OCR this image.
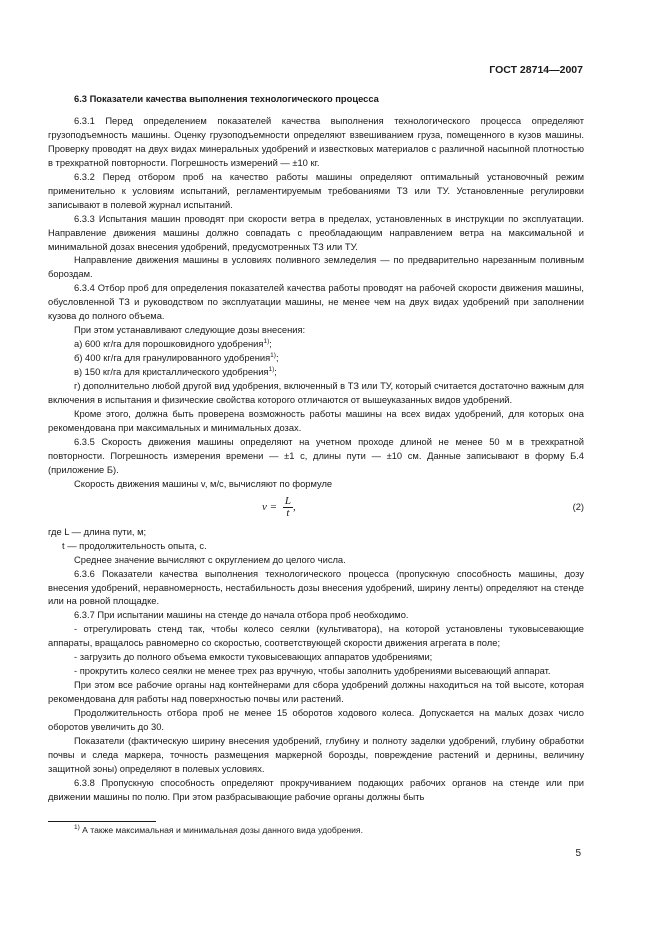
ГОСТ 28714—2007

6.3 Показатели качества выполнения технологического процесса

6.3.1 Перед определением показателей качества выполнения технологического процесса определяют грузоподъемность машины. Оценку грузоподъемности определяют взвешиванием груза, помещенного в кузов машины. Проверку проводят на двух видах минеральных удобрений и известковых материалов с различной насыпной плотностью в трехкратной повторности. Погрешность измерений — ±10 кг.

6.3.2 Перед отбором проб на качество работы машины определяют оптимальный установочный режим применительно к условиям испытаний, регламентируемым требованиями ТЗ или ТУ. Установленные регулировки записывают в полевой журнал испытаний.

6.3.3 Испытания машин проводят при скорости ветра в пределах, установленных в инструкции по эксплуатации. Направление движения машины должно совпадать с преобладающим направлением ветра на максимальной и минимальной дозах внесения удобрений, предусмотренных ТЗ или ТУ.

Направление движения машины в условиях поливного земледелия — по предварительно нарезанным поливным бороздам.

6.3.4 Отбор проб для определения показателей качества работы проводят на рабочей скорости движения машины, обусловленной ТЗ и руководством по эксплуатации машины, не менее чем на двух видах удобрений при заполнении кузова до полного объема.

При этом устанавливают следующие дозы внесения:

а) 600 кг/га для порошковидного удобрения$^{1)}$;

б) 400 кг/га для гранулированного удобрения$^{1)}$;

в) 150 кг/га для кристаллического удобрения$^{1)}$;

г) дополнительно любой другой вид удобрения, включенный в ТЗ или ТУ, который считается достаточно важным для включения в испытания и физические свойства которого отличаются от вышеуказанных видов удобрений.

Кроме этого, должна быть проверена возможность работы машины на всех видах удобрений, для которых она рекомендована при максимальных и минимальных дозах.

6.3.5 Скорость движения машины определяют на учетном проходе длиной не менее 50 м в трехкратной повторности. Погрешность измерения времени — ±1 с, длины пути — ±10 см. Данные записывают в форму Б.4 (приложение Б).

Скорость движения машины v, м/с, вычисляют по формуле

$v = \frac{L}{t}$ ,	(2)

где L — длина пути, м;

t — продолжительность опыта, с.

Среднее значение вычисляют с округлением до целого числа.

6.3.6 Показатели качества выполнения технологического процесса (пропускную способность машины, дозу внесения удобрений, неравномерность, нестабильность дозы внесения удобрений, ширину ленты) определяют на стенде или на ровной площадке.

6.3.7 При испытании машины на стенде до начала отбора проб необходимо.

- отрегулировать стенд так, чтобы колесо сеялки (культиватора), на которой установлены туковысевающие аппараты, вращалось равномерно со скоростью, соответствующей скорости движения агрегата в поле;

- загрузить до полного объема емкости туковысевающих аппаратов удобрениями;

- прокрутить колесо сеялки не менее трех раз вручную, чтобы заполнить удобрениями высевающий аппарат.

При этом все рабочие органы над контейнерами для сбора удобрений должны находиться на той высоте, которая рекомендована для работы над поверхностью почвы или растений.

Продолжительность отбора проб не менее 15 оборотов ходового колеса. Допускается на малых дозах число оборотов увеличить до 30.

Показатели (фактическую ширину внесения удобрений, глубину и полноту заделки удобрений, глубину обработки почвы и следа маркера, точность размещения маркерной борозды, повреждение растений и дернины, величину защитной зоны) определяют в полевых условиях.

6.3.8 Пропускную способность определяют прокручиванием подающих рабочих органов на стенде или при движении машины по полю. При этом разбрасывающие рабочие органы должны быть

$^{1)}$ А также максимальная и минимальная дозы данного вида удобрения.
5
